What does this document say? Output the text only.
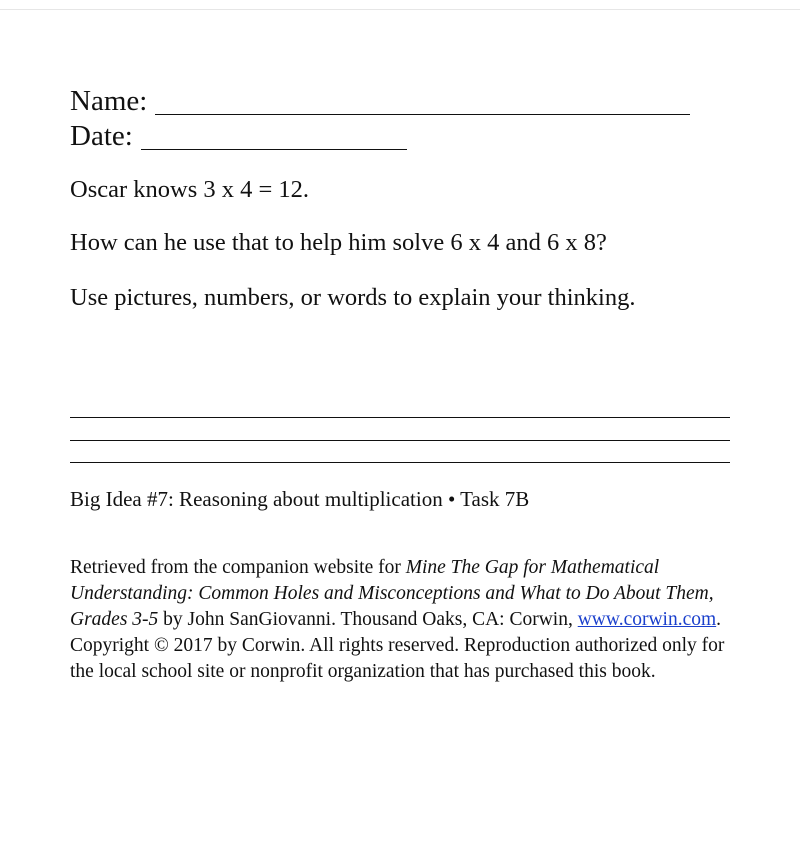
Name:
Date:
Oscar knows 3 x 4 = 12.
How can he use that to help him solve 6 x 4 and 6 x 8?
Use pictures, numbers, or words to explain your thinking.
Big Idea #7: Reasoning about multiplication • Task 7B
Retrieved from the companion website for Mine The Gap for Mathematical Understanding: Common Holes and Misconceptions and What to Do About Them, Grades 3-5 by John SanGiovanni. Thousand Oaks, CA: Corwin, www.corwin.com. Copyright © 2017 by Corwin. All rights reserved. Reproduction authorized only for the local school site or nonprofit organization that has purchased this book.
